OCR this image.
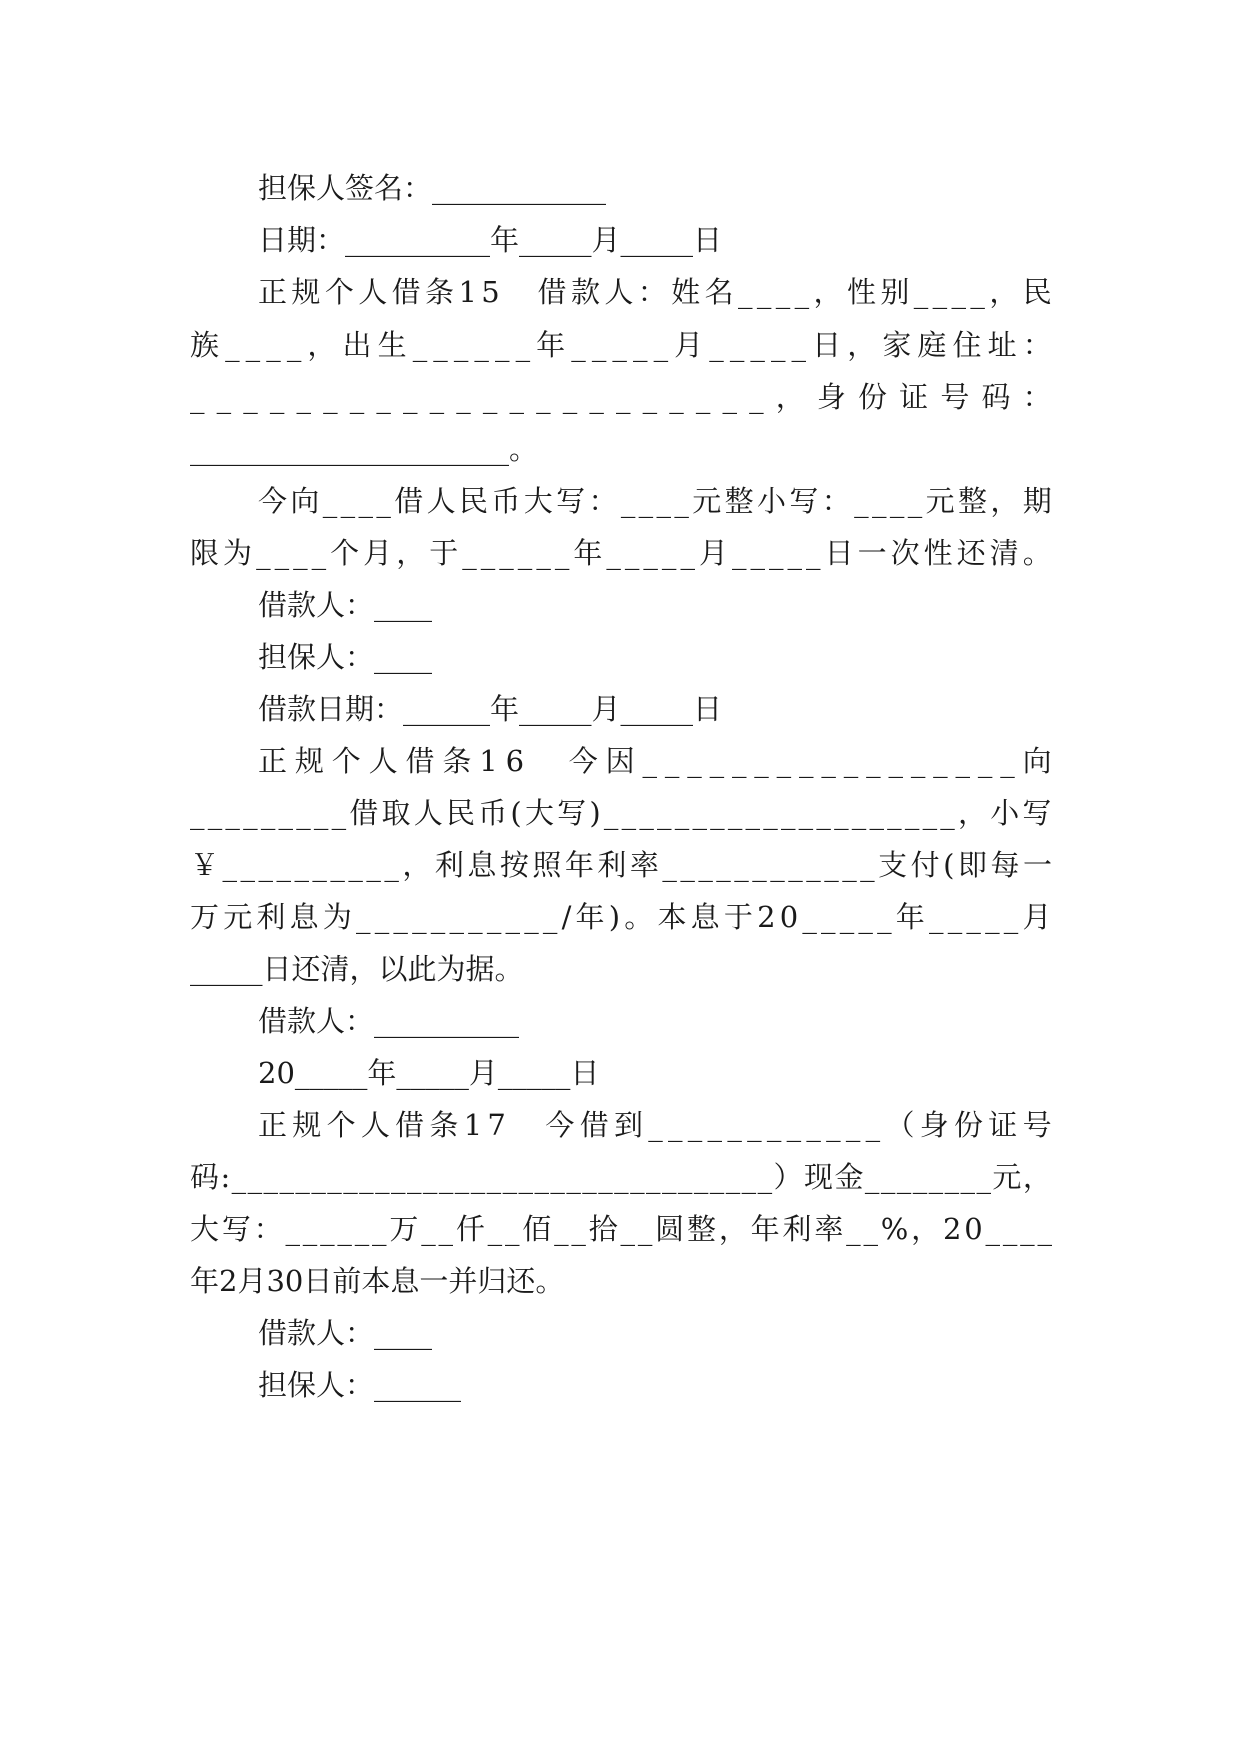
担保人签名：____________
日期：__________年_____月_____日
正 规 个 人 借 条 1 5
　 借 款 人 ： 姓 名 _ _ _ _ ， 性 别 _ _ _ _ ， 民
族 _ _ _ _ ， 出 生 _ _ _ _ _ _ 年 _ _ _ _ _ 月 _ _ _ _ _ 日 ， 家 庭 住 址 ：
_ _ _ _ _ _ _ _ _ _ _ _ _ _ _ _ _ _ _ _ _ _ ， 身 份 证 号 码 ：
______________________。
今 向 _ _ _ _ 借 人 民 币 大 写 ： _ _ _ _ 元 整 小 写 ： _ _ _ _ 元 整 ， 期
限 为 _ _ _ _ 个 月 ， 于 _ _ _ _ _ _ 年 _ _ _ _ _ 月 _ _ _ _ _ 日 一 次 性 还 清 。
借款人：____
担保人：____
借款日期：______年_____月_____日
正 规 个 人 借 条 1 6
　 今 因 _ _ _ _ _ _ _ _ _ _ _ _ _ _ _ _ _ 向
_ _ _ _ _ _ _ _ _ 借 取 人 民 币 ( 大 写 ) _ _ _ _ _ _ _ _ _ _ _ _ _ _ _ _ _ _ _ _ ， 小 写
￥ _ _ _ _ _ _ _ _ _ _ ， 利 息 按 照 年 利 率 _ _ _ _ _ _ _ _ _ _ _ _ 支 付 ( 即 每 一
万 元 利 息 为 _ _ _ _ _ _ _ _ _ _ _ / 年 ) 。 本 息 于 2 0 _ _ _ _ _ 年 _ _ _ _ _ 月
_____日还清，以此为据。
借款人：__________
20_____年_____月_____日
正 规 个 人 借 条 1 7
　 今 借 到 _ _ _ _ _ _ _ _ _ _ _ _ （ 身 份 证 号
码 : _ _ _ _ _ _ _ _ _ _ _ _ _ _ _ _ _ _ _ _ _ _ _ _ _ _ _ _ _ _ _ _ _ _ ） 现 金 _ _ _ _ _ _ _ _ 元 ，
大 写 ： _ _ _ _ _ _ 万 _ _ 仟 _ _ 佰 _ _ 拾 _ _ 圆 整 ， 年 利 率 _ _ % ， 2 0 _ _ _ _
年2月30日前本息一并归还。
借款人：____
担保人：______
